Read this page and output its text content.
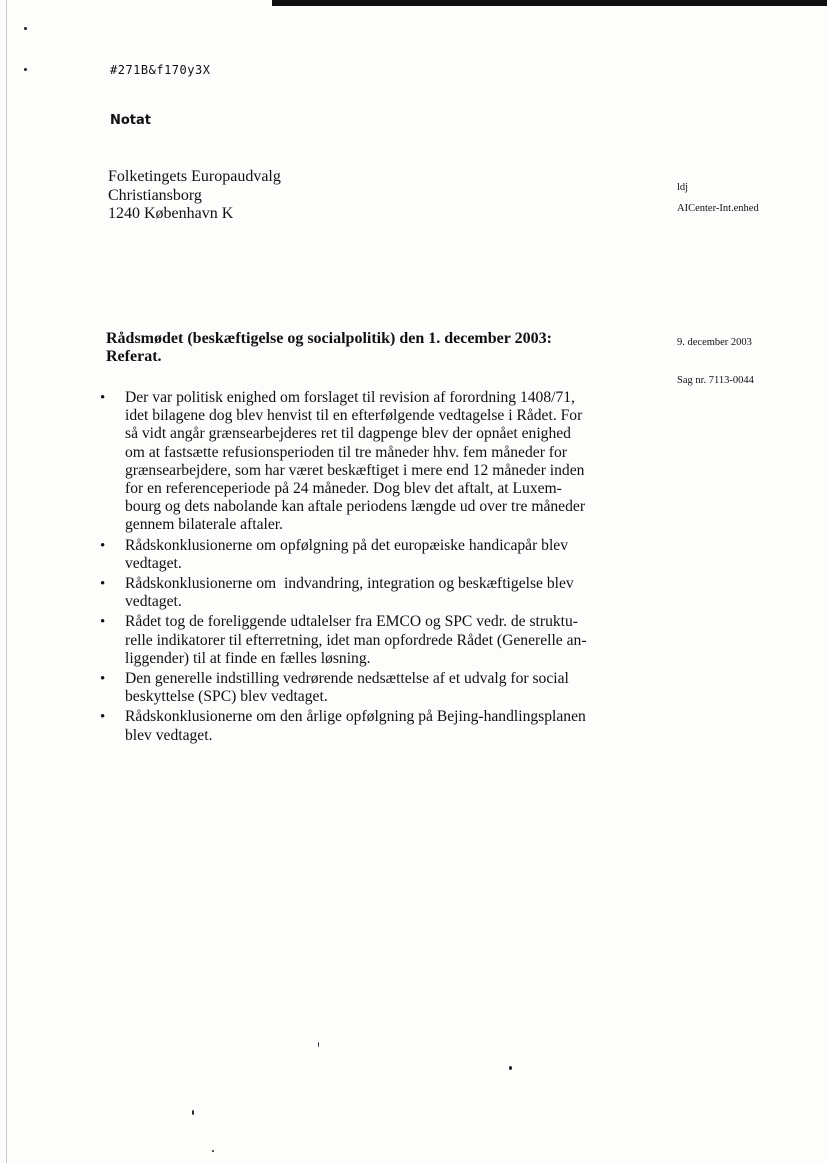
#271B&f170y3X
Notat
Folketingets Europaudvalg
Christiansborg
1240 København K
ldj
AICenter-Int.enhed
9. december 2003
Sag nr. 7113-0044
Rådsmødet (beskæftigelse og socialpolitik) den 1. december 2003:
Referat.
• Der var politisk enighed om forslaget til revision af forordning 1408/71,
idet bilagene dog blev henvist til en efterfølgende vedtagelse i Rådet. For
så vidt angår grænsearbejderes ret til dagpenge blev der opnået enighed
om at fastsætte refusionsperioden til tre måneder hhv. fem måneder for
grænsearbejdere, som har været beskæftiget i mere end 12 måneder inden
for en referenceperiode på 24 måneder. Dog blev det aftalt, at Luxem-
bourg og dets nabolande kan aftale periodens længde ud over tre måneder
gennem bilaterale aftaler.
• Rådskonklusionerne om opfølgning på det europæiske handicapår blev
vedtaget.
• Rådskonklusionerne om  indvandring, integration og beskæftigelse blev
vedtaget.
• Rådet tog de foreliggende udtalelser fra EMCO og SPC vedr. de struktu-
relle indikatorer til efterretning, idet man opfordrede Rådet (Generelle an-
liggender) til at finde en fælles løsning.
• Den generelle indstilling vedrørende nedsættelse af et udvalg for social
beskyttelse (SPC) blev vedtaget.
• Rådskonklusionerne om den årlige opfølgning på Bejing-handlingsplanen
blev vedtaget.
